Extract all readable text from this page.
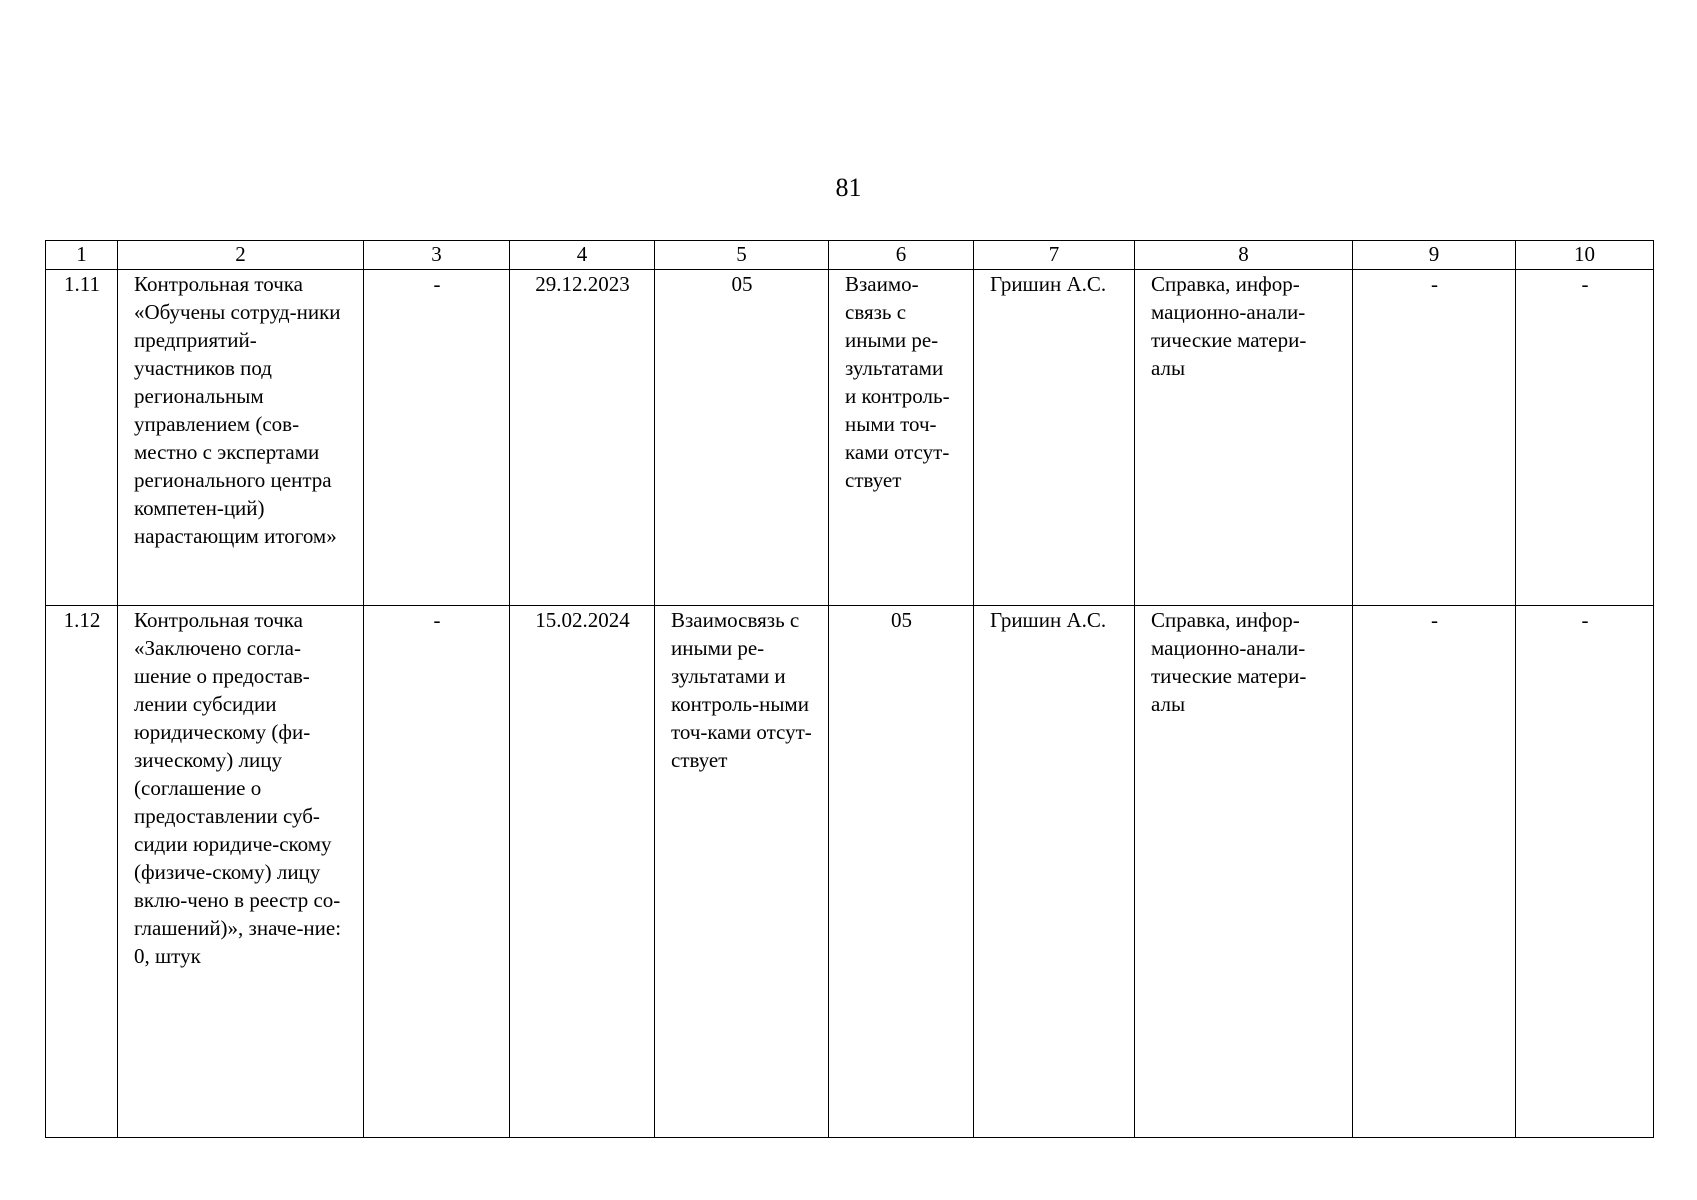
81
1	2	3	4	5	6	7	8	9	10
1.11	Контрольная точка «Обучены сотруд-ники предприятий-участников под региональным управлением (сов-местно с экспертами регионального центра компетен-ций) нарастающим итогом»	-	29.12.2023	05	Взаимо-связь с иными ре-зультатами и контроль-ными точ-ками отсут-ствует	Гришин А.С.	Справка, инфор-мационно-анали-тические матери-алы	-	-
1.12	Контрольная точка «Заключено согла-шение о предостав-лении субсидии юридическому (фи-зическому) лицу (соглашение о предоставлении суб-сидии юридиче-скому (физиче-скому) лицу вклю-чено в реестр со-глашений)», значе-ние: 0, штук	-	15.02.2024	Взаимосвязь с иными ре-зультатами и контроль-ными точ-ками отсут-ствует	05	Гришин А.С.	Справка, инфор-мационно-анали-тические матери-алы	-	-
